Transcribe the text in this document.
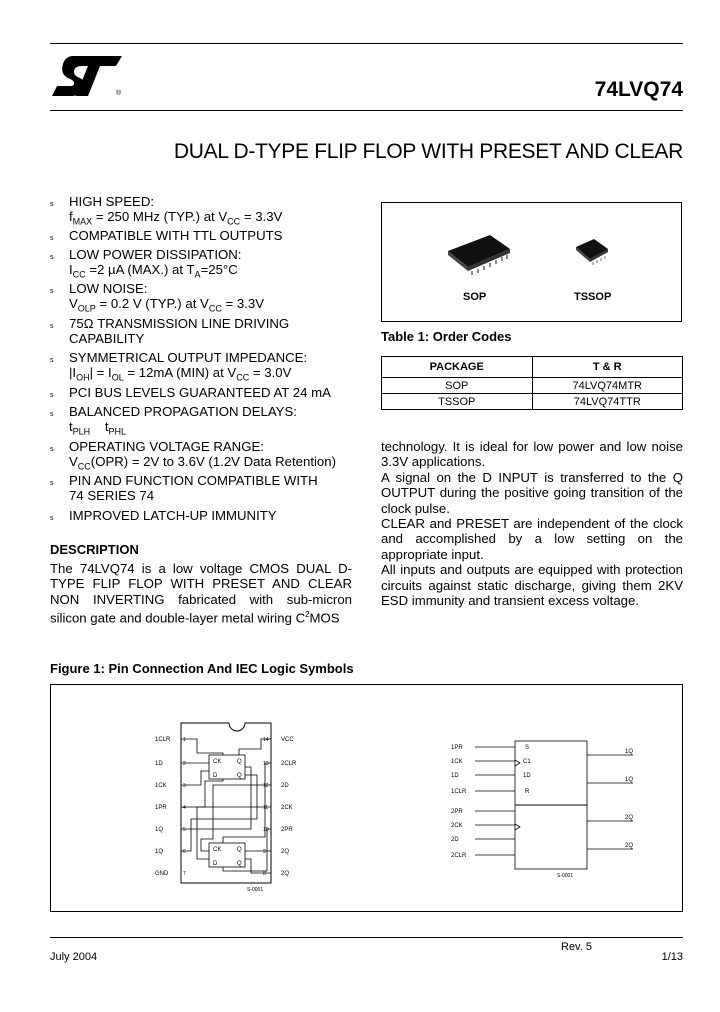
®	74LVQ74
DUAL D-TYPE FLIP FLOP WITH PRESET AND CLEAR
s HIGH SPEED:
$f_{MAX} = 250$ MHz (TYP.) at $V_{CC} = 3.3V$
s COMPATIBLE WITH TTL OUTPUTS
s LOW POWER DISSIPATION:
$I_{CC} =2$ µA (MAX.) at $T_A=25^\circ C$
s LOW NOISE:
$V_{OLP} = 0.2$ V (TYP.) at $V_{CC} = 3.3V$
s 75Ω TRANSMISSION LINE DRIVING
CAPABILITY
s SYMMETRICAL OUTPUT IMPEDANCE:
$|I_{OH}| = I_{OL} = 12mA$ (MIN) at $V_{CC} = 3.0V$
s PCI BUS LEVELS GUARANTEED AT 24 mA
s BALANCED PROPAGATION DELAYS:
$t_{PLH}$    $t_{PHL}$
s OPERATING VOLTAGE RANGE:
$V_{CC}(OPR) = 2V$ to 3.6V (1.2V Data Retention)
s PIN AND FUNCTION COMPATIBLE WITH
74 SERIES 74
s IMPROVED LATCH-UP IMMUNITY
DESCRIPTION
The 74LVQ74 is a low voltage CMOS DUAL D-TYPE FLIP FLOP WITH PRESET AND CLEAR NON INVERTING fabricated with sub-micron silicon gate and double-layer metal wiring $C^2MOS$
technology. It is ideal for low power and low noise 3.3V applications.
A signal on the D INPUT is transferred to the Q OUTPUT during the positive going transition of the clock pulse.
CLEAR and PRESET are independent of the clock and accomplished by a low setting on the appropriate input.
All inputs and outputs are equipped with protection circuits against static discharge, giving them 2KV ESD immunity and transient excess voltage.
SOP	TSSOP
Table 1: Order Codes
PACKAGE	T & R
SOP	74LVQ74MTR
TSSOP	74LVQ74TTR
Figure 1: Pin Connection And IEC Logic Symbols
CK	Q
D	Q
CK	Q
D	Q
1CLR
1D
1CK
1PR
1Q
1Q
GND
VCC
2CLR
2D
2CK
2PR
2Q
2Q
S-0001
1
2
3
4
5
6
7
14
13
12
11
10
9
8
1PR
1CK
1D
1CLR
2PR
2CK
2D
2CLR
1Q
1Q
2Q
2Q
S
C1
1D
R
S-0001
Rev. 5
July 2004	1/13
